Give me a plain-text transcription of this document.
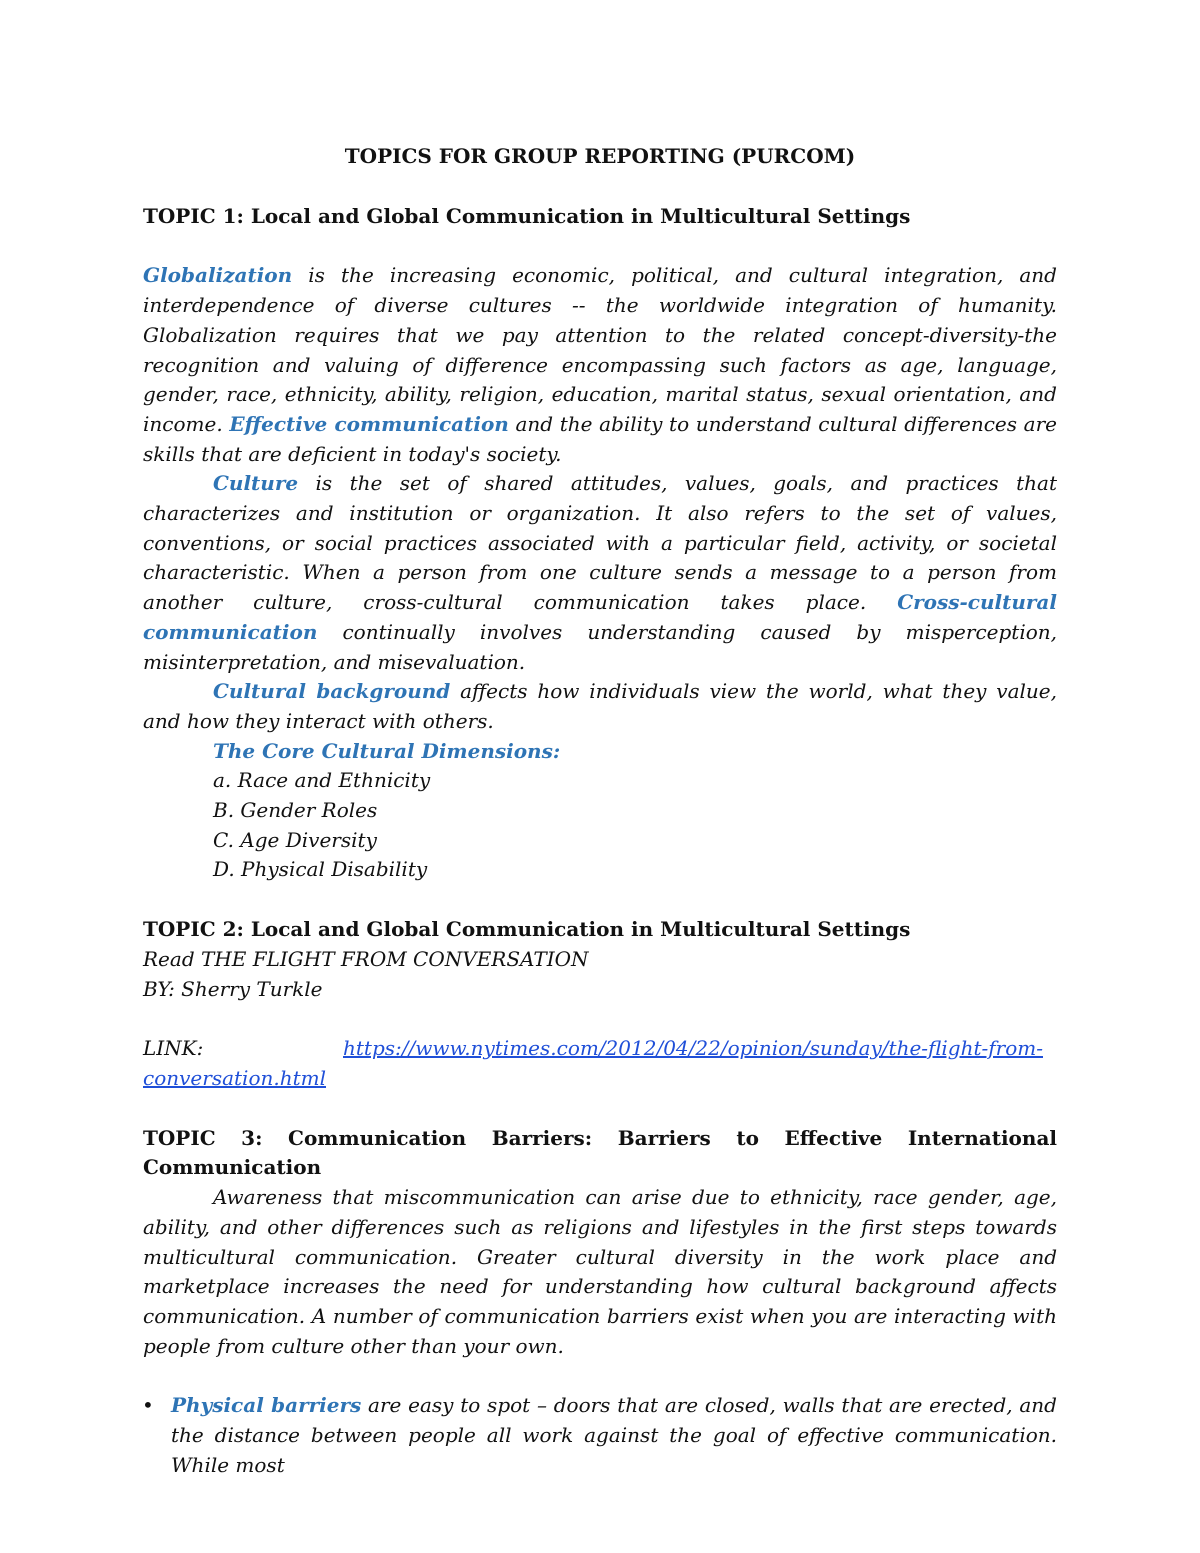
TOPICS FOR GROUP REPORTING (PURCOM)

TOPIC 1: Local and Global Communication in Multicultural Settings

Globalization is the increasing economic, political, and cultural integration, and interdependence of diverse cultures -- the worldwide integration of humanity. Globalization requires that we pay attention to the related concept-diversity-the recognition and valuing of difference encompassing such factors as age, language, gender, race, ethnicity, ability, religion, education, marital status, sexual orientation, and income. Effective communication and the ability to understand cultural differences are skills that are deficient in today's society.

Culture is the set of shared attitudes, values, goals, and practices that characterizes and institution or organization. It also refers to the set of values, conventions, or social practices associated with a particular field, activity, or societal characteristic. When a person from one culture sends a message to a person from another culture, cross-cultural communication takes place. Cross-cultural communication continually involves understanding caused by misperception, misinterpretation, and misevaluation.

Cultural background affects how individuals view the world, what they value, and how they interact with others.

The Core Cultural Dimensions:
a. Race and Ethnicity
B. Gender Roles
C. Age Diversity
D. Physical Disability

TOPIC 2: Local and Global Communication in Multicultural Settings

Read THE FLIGHT FROM CONVERSATION

BY: Sherry Turkle

LINK:	https://www.nytimes.com/2012/04/22/opinion/sunday/the-flight-from-
conversation.html

TOPIC 3: Communication Barriers: Barriers to Effective International Communication

Awareness that miscommunication can arise due to ethnicity, race gender, age, ability, and other differences such as religions and lifestyles in the first steps towards multicultural communication. Greater cultural diversity in the work place and marketplace increases the need for understanding how cultural background affects communication. A number of communication barriers exist when you are interacting with people from culture other than your own.

• Physical barriers are easy to spot – doors that are closed, walls that are erected, and the distance between people all work against the goal of effective communication. While most
